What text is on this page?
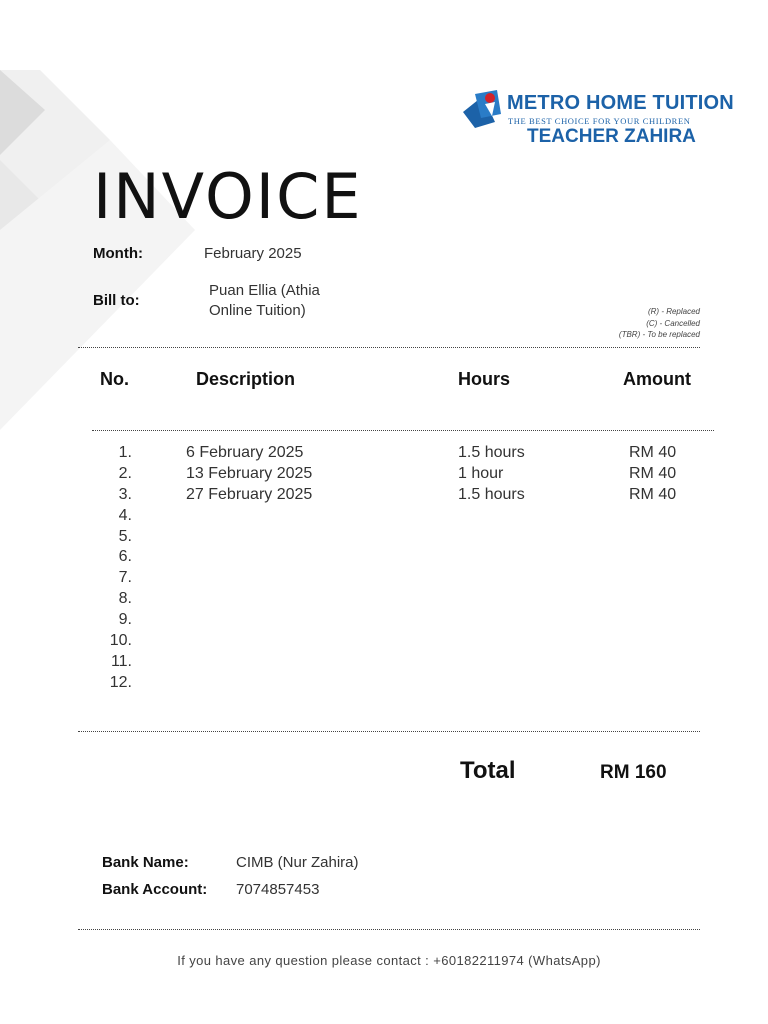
METRO HOME TUITION
THE BEST CHOICE FOR YOUR CHILDREN
TEACHER ZAHIRA
INVOICE
Month:	February 2025
Bill to:
Puan Ellia (Athia
Online Tuition)	(R) - Replaced
(C) - Cancelled
(TBR) - To be replaced
No.	Description	Hours	Amount
1.	6 February 2025	1.5 hours	RM 40
2.	13 February 2025	1 hour	RM 40
3.	27 February 2025	1.5 hours	RM 40
4.
5.
6.
7.
8.
9.
10.
11.
12.
Total	RM 160
Bank Name:	CIMB (Nur Zahira)
Bank Account: 7074857453
If you have any question please contact : +60182211974 (WhatsApp)
